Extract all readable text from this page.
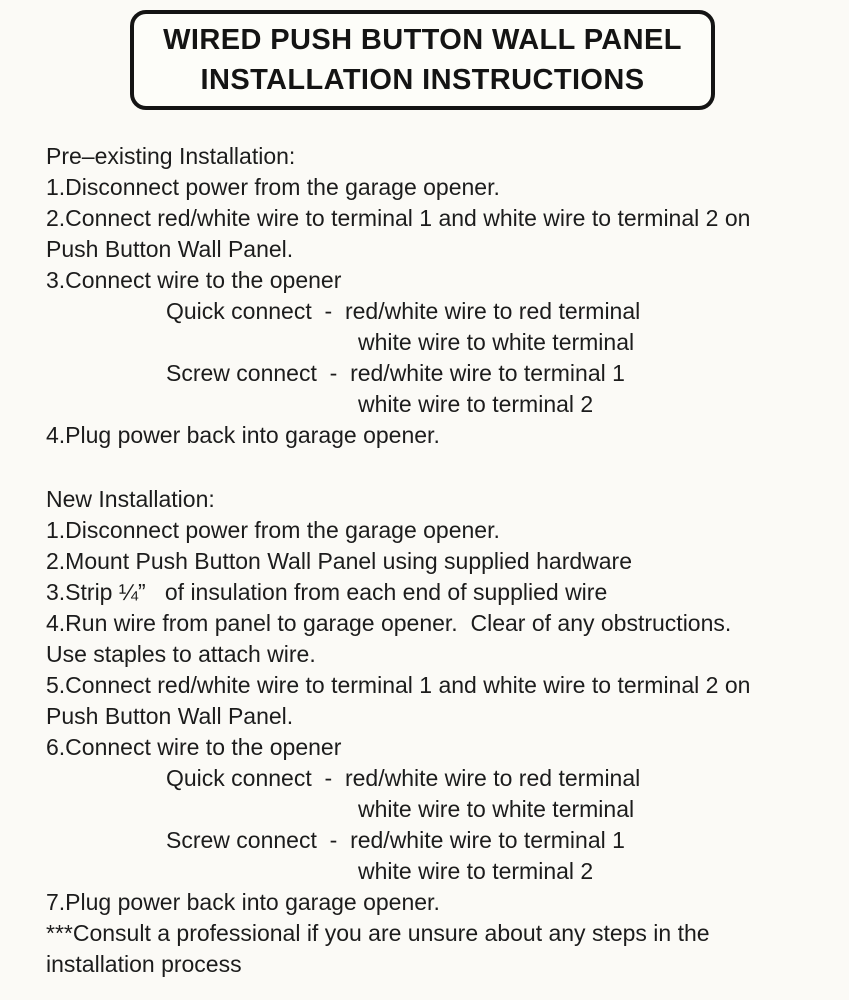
WIRED PUSH BUTTON WALL PANEL
INSTALLATION INSTRUCTIONS
Pre–existing Installation:
1.Disconnect power from the garage opener.
2.Connect red/white wire to terminal 1 and white wire to terminal 2 on
Push Button Wall Panel.
3.Connect wire to the opener
Quick connect  -  red/white wire to red terminal
white wire to white terminal
Screw connect  -  red/white wire to terminal 1
white wire to terminal 2
4.Plug power back into garage opener.
New Installation:
1.Disconnect power from the garage opener.
2.Mount Push Button Wall Panel using supplied hardware
3.Strip ¼”   of insulation from each end of supplied wire
4.Run wire from panel to garage opener.  Clear of any obstructions.
Use staples to attach wire.
5.Connect red/white wire to terminal 1 and white wire to terminal 2 on
Push Button Wall Panel.
6.Connect wire to the opener
Quick connect  -  red/white wire to red terminal
white wire to white terminal
Screw connect  -  red/white wire to terminal 1
white wire to terminal 2
7.Plug power back into garage opener.
***Consult a professional if you are unsure about any steps in the
installation process
